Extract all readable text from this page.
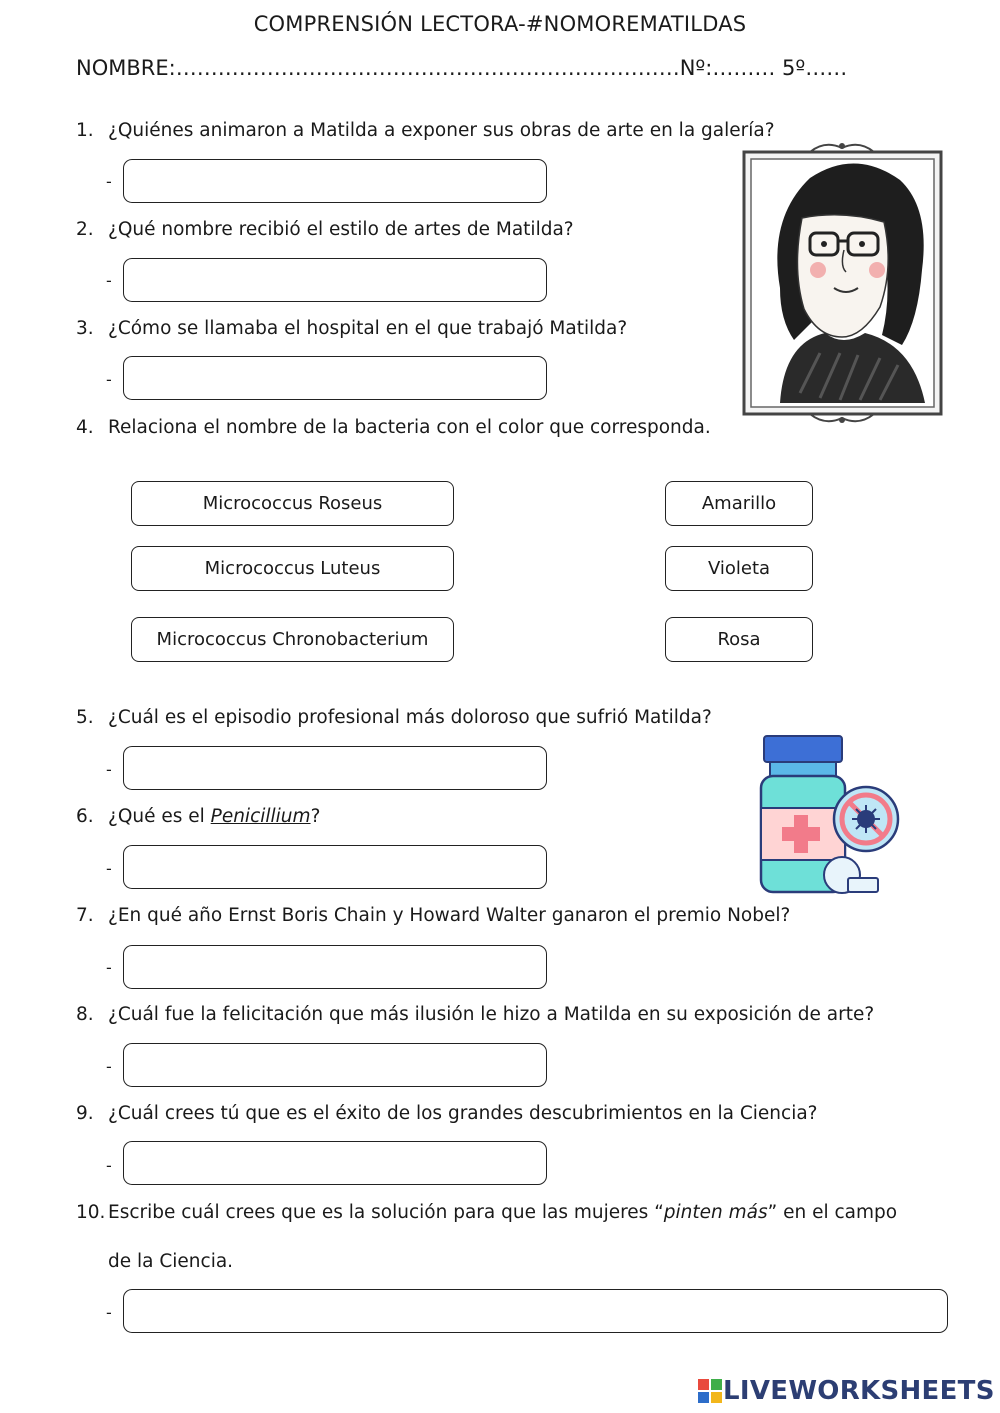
COMPRENSIÓN LECTORA-#NOMOREMATILDAS
NOMBRE:………………………………………………………………Nº:……… 5º……
1. ¿Quiénes animaron a Matilda a exponer sus obras de arte en la galería?
-
2. ¿Qué nombre recibió el estilo de artes de Matilda?
-
3. ¿Cómo se llamaba el hospital en el que trabajó Matilda?
-
4. Relaciona el nombre de la bacteria con el color que corresponda.
Micrococcus Roseus
Micrococcus Luteus
Micrococcus Chronobacterium
Amarillo
Violeta
Rosa
5. ¿Cuál es el episodio profesional más doloroso que sufrió Matilda?
-
6. ¿Qué es el Penicillium?
-
7. ¿En qué año Ernst Boris Chain y Howard Walter ganaron el premio Nobel?
-
8. ¿Cuál fue la felicitación que más ilusión le hizo a Matilda en su exposición de arte?
-
9. ¿Cuál crees tú que es el éxito de los grandes descubrimientos en la Ciencia?
-
10. Escribe cuál crees que es la solución para que las mujeres “pinten más” en el campo
de la Ciencia.
-
LIVEWORKSHEETS
